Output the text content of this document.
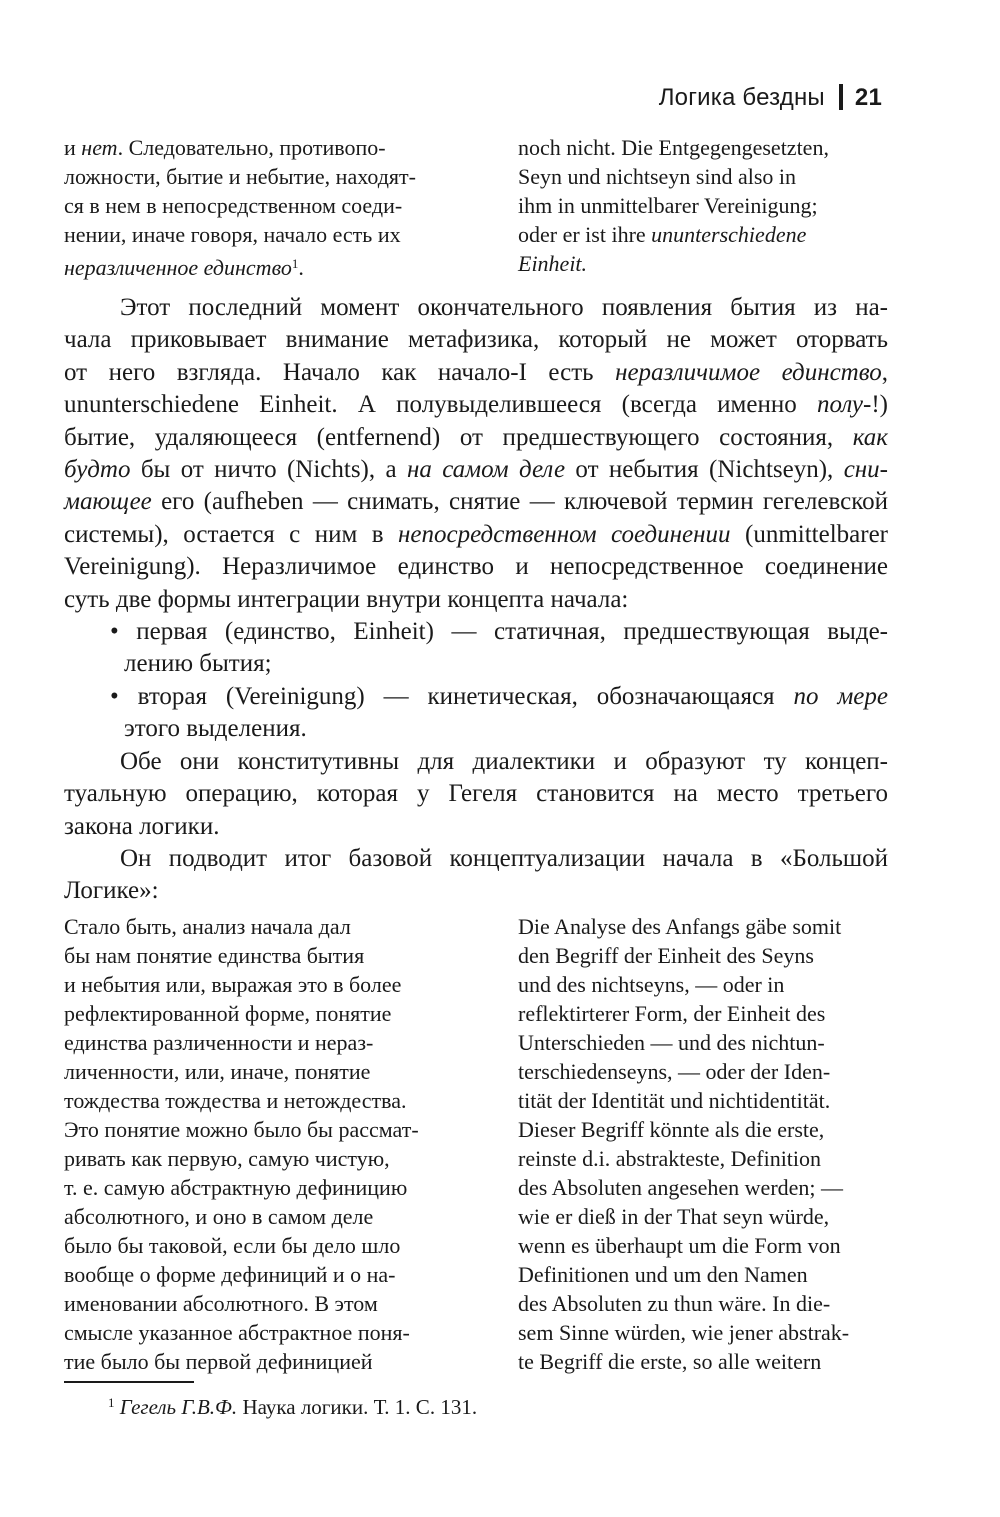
Логика бездны 21
и нет. Следовательно, противопо-
ложности, бытие и небытие, находят-
ся в нем в непосредственном соеди-
нении, иначе говоря, начало есть их
неразличенное единство$^1$.
noch nicht. Die Entgegengesetzten,
Seyn und nichtseyn sind also in
ihm in unmittelbarer Vereinigung;
oder er ist ihre ununterschiedene
Einheit.
Этот последний момент окончательного появления бытия из на-
чала приковывает внимание метафизика, который не может оторвать
от него взгляда. Начало как начало-I есть неразличимое единство,
ununterschiedene Einheit. А полувыделившееся (всегда именно полу-!)
бытие, удаляющееся (entfernend) от предшествующего состояния, как
будто бы от ничто (Nichts), а на самом деле от небытия (Nichtseyn), сни-
мающее его (aufheben — снимать, снятие — ключевой термин гегелевской
системы), остается с ним в непосредственном соединении (unmittelbarer
Vereinigung). Неразличимое единство и непосредственное соединение
суть две формы интеграции внутри концепта начала:
• первая (единство, Einheit) — статичная, предшествующая выде-
лению бытия;
• вторая (Vereinigung) — кинетическая, обозначающаяся по мере
этого выделения.
Обе они конститутивны для диалектики и образуют ту концеп-
туальную операцию, которая у Гегеля становится на место третьего
закона логики.
Он подводит итог базовой концептуализации начала в «Большой
Логике»:
Стало быть, анализ начала дал
бы нам понятие единства бытия
и небытия или, выражая это в более
рефлектированной форме, понятие
единства различенности и нераз-
личенности, или, иначе, понятие
тождества тождества и нетождества.
Это понятие можно было бы рассмат-
ривать как первую, самую чистую,
т. е. самую абстрактную дефиницию
абсолютного, и оно в самом деле
было бы таковой, если бы дело шло
вообще о форме дефиниций и о на-
именовании абсолютного. В этом
смысле указанное абстрактное поня-
тие было бы первой дефиницией
Die Analyse des Anfangs gäbe somit
den Begriff der Einheit des Seyns
und des nichtseyns, — oder in
reflektirterer Form, der Einheit des
Unterschieden — und des nichtun-
terschiedenseyns, — oder der Iden-
tität der Identität und nichtidentität.
Dieser Begriff könnte als die erste,
reinste d.i. abstrakteste, Definition
des Absoluten angesehen werden; —
wie er dieß in der That seyn würde,
wenn es überhaupt um die Form von
Definitionen und um den Namen
des Absoluten zu thun wäre. In die-
sem Sinne würden, wie jener abstrak-
te Begriff die erste, so alle weitern
$^1$ Гегель Г.В.Ф. Наука логики. Т. 1. С. 131.
